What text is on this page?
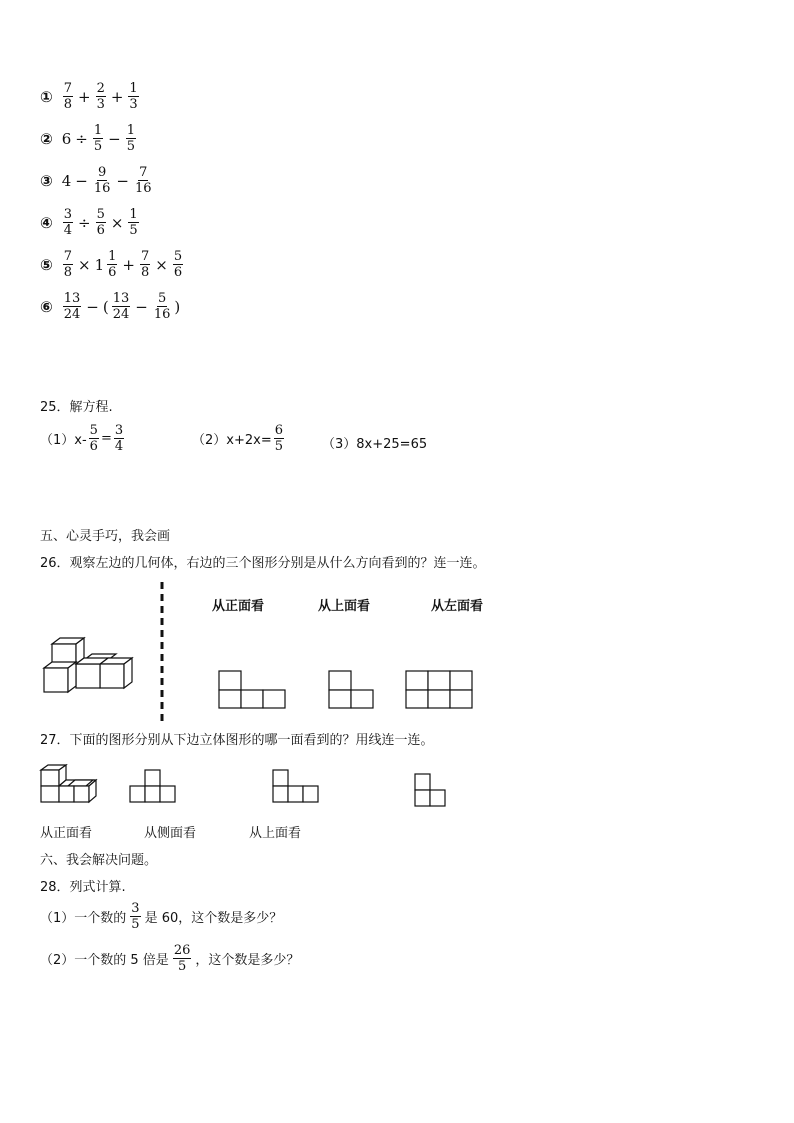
① $\frac{7}{8} + \frac{2}{3} + \frac{1}{3}$
② $6 \div \frac{1}{5} - \frac{1}{5}$
③ $4 - \frac{9}{16} - \frac{7}{16}$
④ $\frac{3}{4} \div \frac{5}{6} \times \frac{1}{5}$
⑤ $\frac{7}{8} \times 1 \frac{1}{6} + \frac{7}{8} \times \frac{5}{6}$
⑥ $\frac{13}{24}$ − ( $\frac{13}{24} - \frac{5}{16}$ )
25．解方程.
$(1)x- \frac{5}{6} = \frac{3}{4}$	$(2)x+2x= \frac{6}{5}$	（3）8x+25=65
五、心灵手巧，我会画
26．观察左边的几何体，右边的三个图形分别是从什么方向看到的？连一连。
从正面看	从上面看	从左面看
27．下面的图形分别从下边立体图形的哪一面看到的？用线连一连。
从正面看	从侧面看	从上面看
六、我会解决问题。
28．列式计算.
（1）一个数的 $\frac{3}{5}$ 是 60，这个数是多少？
（2）一个数的 5 倍是 $\frac{26}{5}$ ，这个数是多少？
